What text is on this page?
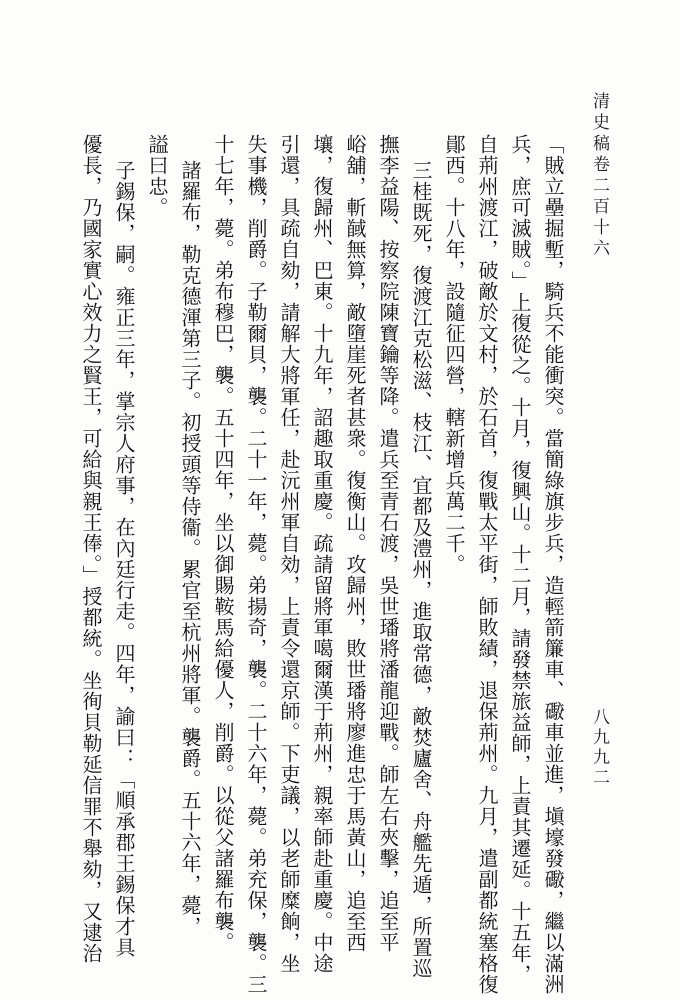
清史稿卷二百十六
八九九二
「賊立壘掘塹，騎兵不能衝突。當簡綠旗步兵，造輕箭簾車、礮車並進，塡壕發礮，繼以滿洲
兵，庶可滅賊。」上復從之。十月，復興山。十二月，請發禁旅益師，上責其遷延。十五年，
自荊州渡江，破敵於文村，於石首，復戰太平街，師敗績，退保荊州。九月，遣副都統塞格復
鄖西。十八年，設隨征四營，轄新增兵萬二千。
三桂既死，復渡江克松滋、枝江、宜都及澧州，進取常德，敵焚廬舍、舟艦先遁，所置巡
撫李益陽、按察院陳寶鑰等降。遣兵至青石渡，吳世璠將潘龍迎戰。師左右夾擊，追至平
峪舖，斬馘無算，敵墮崖死者甚衆。復衡山。攻歸州，敗世璠將廖進忠于馬黃山，追至西
壤，復歸州、巴東。十九年，詔趣取重慶。疏請留將軍噶爾漢于荊州，親率師赴重慶。中途
引還，具疏自劾，請解大將軍任，赴沅州軍自効，上責令還京師。下吏議，以老師糜餉，坐
失事機，削爵。子勒爾貝，襲。二十一年，薨。弟揚奇，襲。二十六年，薨。弟充保，襲。三
十七年，薨。弟布穆巴，襲。五十四年，坐以御賜鞍馬給優人，削爵。以從父諸羅布襲。
諸羅布，勒克德渾第三子。初授頭等侍衞。累官至杭州將軍。襲爵。五十六年，薨，
謚曰忠。
子錫保，嗣。雍正三年，掌宗人府事，在內廷行走。四年，諭曰：「順承郡王錫保才具
優長，乃國家實心效力之賢王，可給與親王俸。」授都統。坐徇貝勒延信罪不舉劾，又逮治
